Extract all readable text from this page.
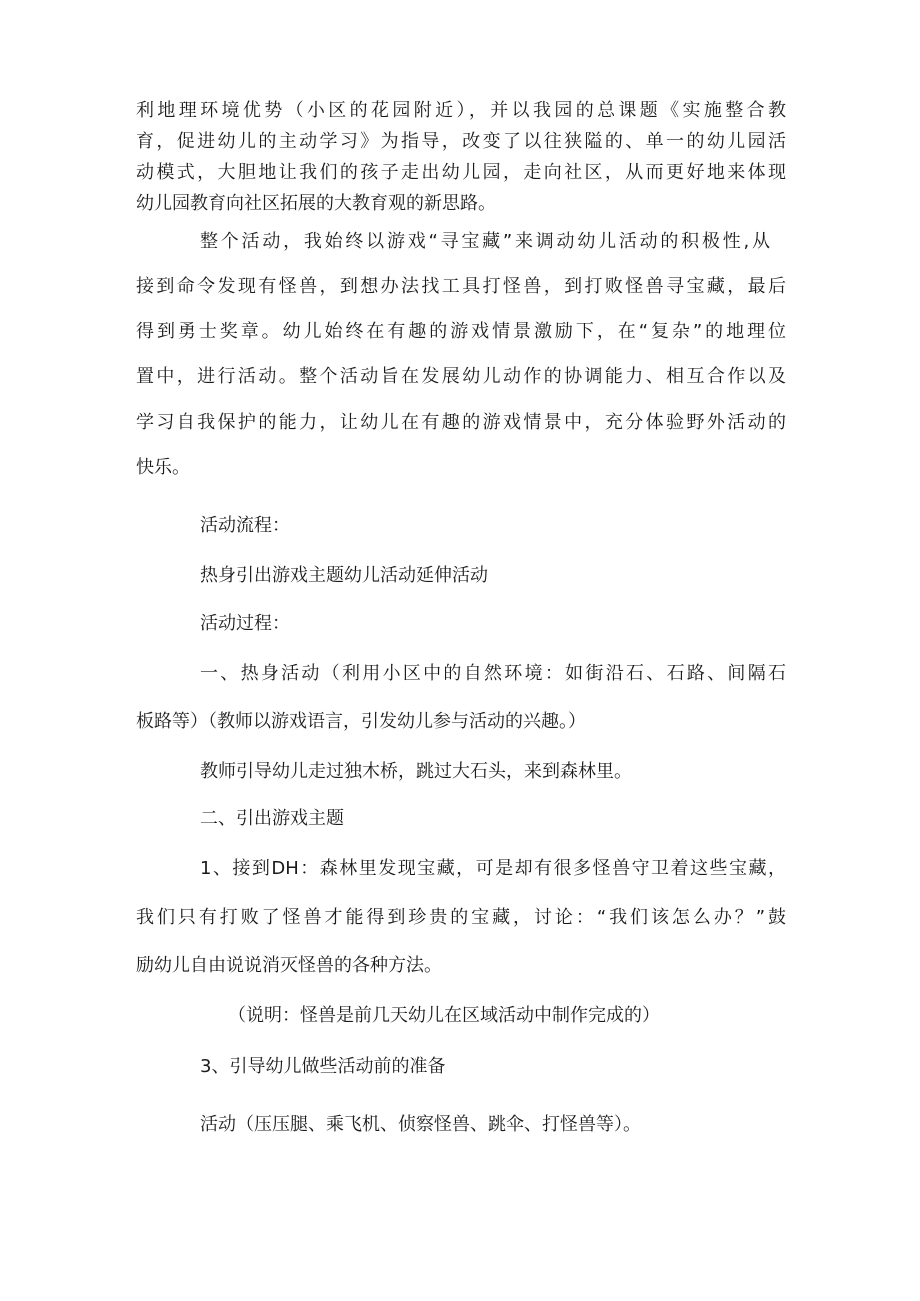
利地理环境优势（小区的花园附近），并以我园的总课题《实施整合教
育，促进幼儿的主动学习》为指导，改变了以往狭隘的、单一的幼儿园活
动模式，大胆地让我们的孩子走出幼儿园，走向社区，从而更好地来体现
幼儿园教育向社区拓展的大教育观的新思路。
整个活动，我始终以游戏“寻宝藏”来调动幼儿活动的积极性,从
接到命令发现有怪兽，到想办法找工具打怪兽，到打败怪兽寻宝藏，最后
得到勇士奖章。幼儿始终在有趣的游戏情景激励下，在“复杂”的地理位
置中，进行活动。整个活动旨在发展幼儿动作的协调能力、相互合作以及
学习自我保护的能力，让幼儿在有趣的游戏情景中，充分体验野外活动的
快乐。
活动流程：
热身引出游戏主题幼儿活动延伸活动
活动过程：
一、热身活动（利用小区中的自然环境：如街沿石、石路、间隔石
板路等）（教师以游戏语言，引发幼儿参与活动的兴趣。）
教师引导幼儿走过独木桥，跳过大石头，来到森林里。
二、引出游戏主题
1、接到DH：森林里发现宝藏，可是却有很多怪兽守卫着这些宝藏，
我们只有打败了怪兽才能得到珍贵的宝藏，讨论：“我们该怎么办？”鼓
励幼儿自由说说消灭怪兽的各种方法。
（说明：怪兽是前几天幼儿在区域活动中制作完成的）
3、引导幼儿做些活动前的准备
活动（压压腿、乘飞机、侦察怪兽、跳伞、打怪兽等）。
